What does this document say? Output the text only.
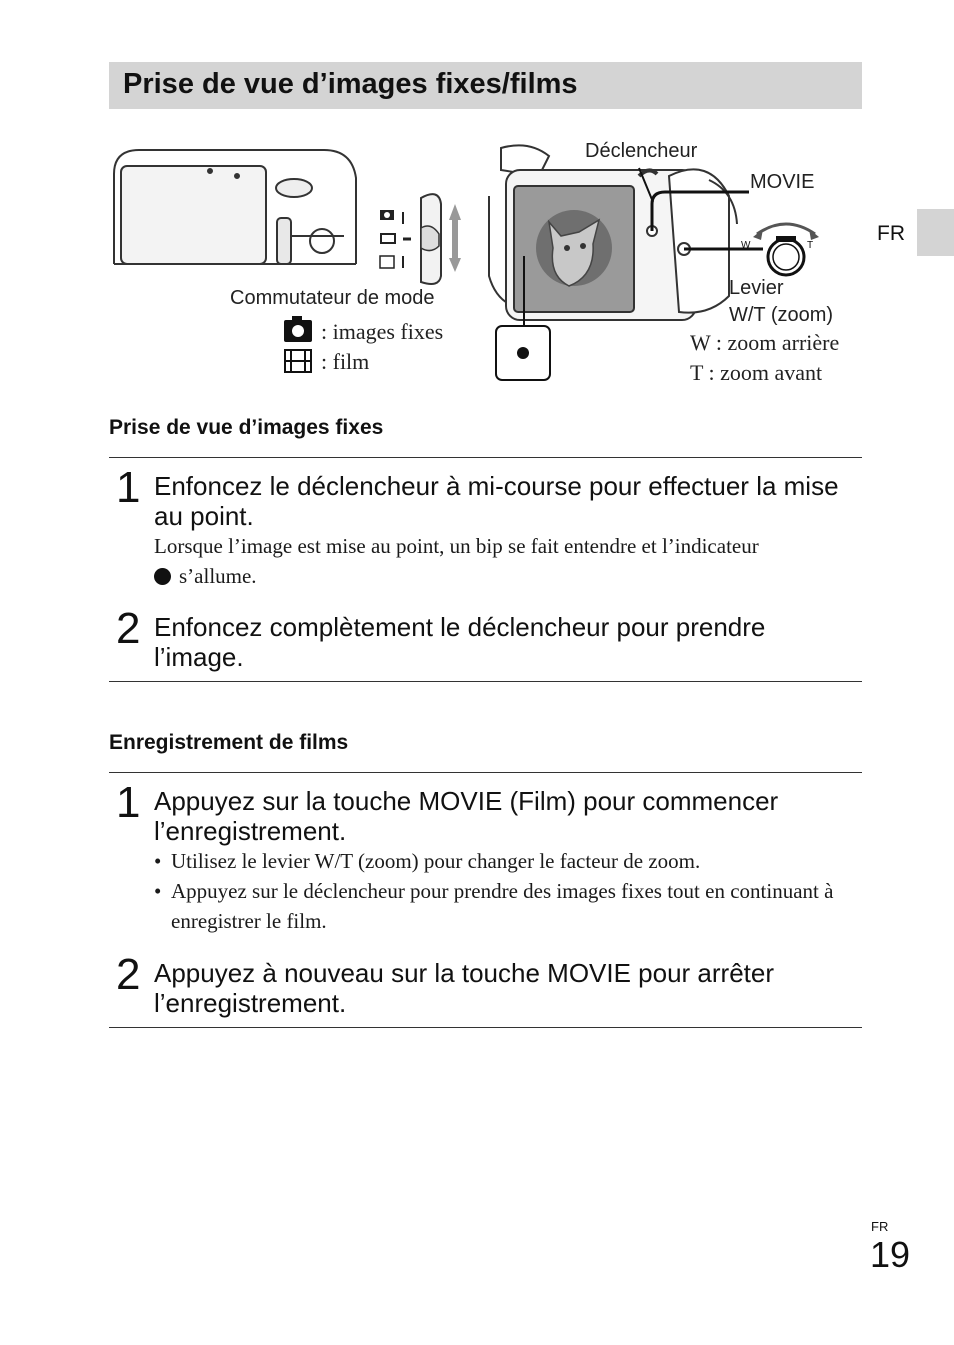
Prise de vue d’images fixes/films
FR
W	T
Déclencheur
MOVIE
Commutateur de mode
: images fixes
: film
Levier
W/T (zoom)
W : zoom arrière
T : zoom avant
Prise de vue d’images fixes
1 Enfoncez le déclencheur à mi-course pour effectuer la mise au point.
Lorsque l’image est mise au point, un bip se fait entendre et l’indicateur
s’allume.
2 Enfoncez complètement le déclencheur pour prendre l’image.
Enregistrement de films
1 Appuyez sur la touche MOVIE (Film) pour commencer l’enregistrement.
• Utilisez le levier W/T (zoom) pour changer le facteur de zoom.
• Appuyez sur le déclencheur pour prendre des images fixes tout en continuant à enregistrer le film.
2 Appuyez à nouveau sur la touche MOVIE pour arrêter l’enregistrement.
FR
19
